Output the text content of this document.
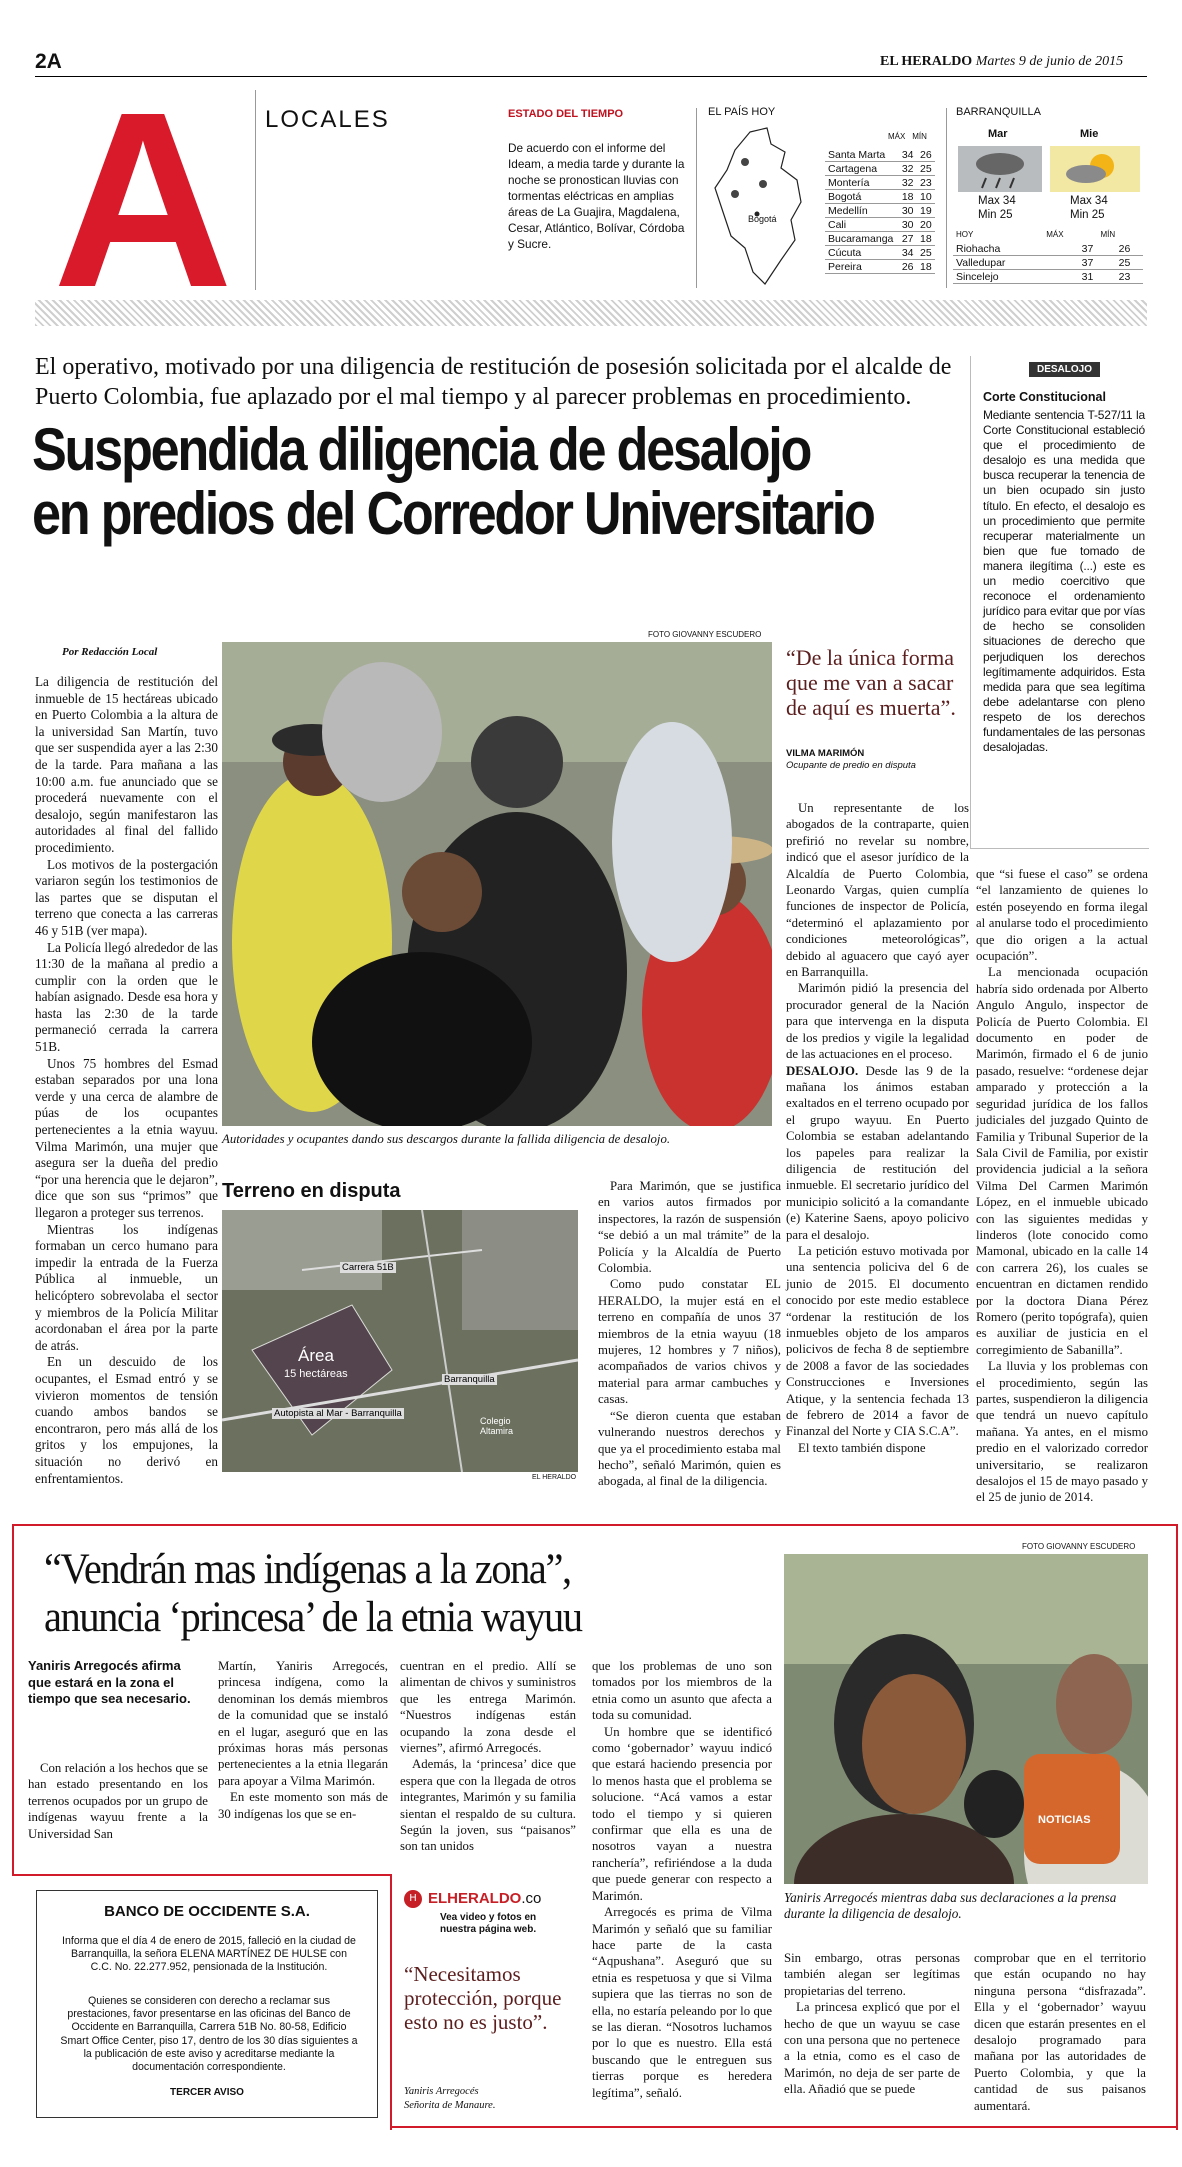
2A	EL HERALDO Martes 9 de junio de 2015
A	LOCALES	ESTADO DEL TIEMPO
De acuerdo con el informe del Ideam, a media tarde y durante la noche se pronostican lluvias con tormentas eléctricas en amplias áreas de La Guajira, Magdalena, Cesar, Atlántico, Bolívar, Córdoba y Sucre.
EL PAÍS HOY
Bogotá
MÁX MÍN
Santa Marta	34	26
Cartagena	32	25
Montería	32	23
Bogotá	18	10
Medellín	30	19
Cali	30	20
Bucaramanga	27	18
Cúcuta	34	25
Pereira	26	18
BARRANQUILLA
Mar	Mie
Max 34
Min 25
Max 34
Min 25
HOY	MÁX	MÍN
Riohacha	37	26
Valledupar	37	25
Sincelejo	31	23
El operativo, motivado por una diligencia de restitución de posesión solicitada por el alcalde de Puerto Colombia, fue aplazado por el mal tiempo y al parecer problemas en procedimiento.
Suspendida diligencia de desalojo
en predios del Corredor Universitario
DESALOJO
Corte Constitucional
Mediante sentencia T-527/11 la Corte Constitucional estableció que el procedimiento de desalojo es una medida que busca recuperar la tenencia de un bien ocupado sin justo título. En efecto, el desalojo es un procedimiento que permite recuperar materialmente un bien que fue tomado de manera ilegítima (...) este es un medio coercitivo que reconoce el ordenamiento jurídico para evitar que por vías de hecho se consoliden situaciones de derecho que perjudiquen los derechos legítimamente adquiridos. Esta medida para que sea legítima debe adelantarse con pleno respeto de los derechos fundamentales de las personas desalojadas.
Por Redacción Local

La diligencia de restitución del inmueble de 15 hectáreas ubicado en Puerto Colombia a la altura de la universidad San Martín, tuvo que ser suspendida ayer a las 2:30 de la tarde. Para mañana a las 10:00 a.m. fue anunciado que se procederá nuevamente con el desalojo, según manifestaron las autoridades al final del fallido procedimiento.

Los motivos de la postergación variaron según los testimonios de las partes que se disputan el terreno que conecta a las carreras 46 y 51B (ver mapa).

La Policía llegó alrededor de las 11:30 de la mañana al predio a cumplir con la orden que le habían asignado. Desde esa hora y hasta las 2:30 de la tarde permaneció cerrada la carrera 51B.

Unos 75 hombres del Esmad estaban separados por una lona verde y una cerca de alambre de púas de los ocupantes pertenecientes a la etnia wayuu. Vilma Marimón, una mujer que asegura ser la dueña del predio “por una herencia que le dejaron”, dice que son sus “primos” que llegaron a proteger sus terrenos.

Mientras los indígenas formaban un cerco humano para impedir la entrada de la Fuerza Pública al inmueble, un helicóptero sobrevolaba el sector y miembros de la Policía Militar acordonaban el área por la parte de atrás.

En un descuido de los ocupantes, el Esmad entró y se vivieron momentos de tensión cuando ambos bandos se encontraron, pero más allá de los gritos y los empujones, la situación no derivó en enfrentamientos.

FOTO GIOVANNY ESCUDERO
Autoridades y ocupantes dando sus descargos durante la fallida diligencia de desalojo.
“De la única forma que me van a sacar de aquí es muerta”.
VILMA MARIMÓN
Ocupante de predio en disputa

Un representante de los abogados de la contraparte, quien prefirió no revelar su nombre, indicó que el asesor jurídico de la Alcaldía de Puerto Colombia, Leonardo Vargas, quien cumplía funciones de inspector de Policía, “determinó el aplazamiento por condiciones meteorológicas”, debido al aguacero que cayó ayer en Barranquilla.

Marimón pidió la presencia del procurador general de la Nación para que intervenga en la disputa de los predios y vigile la legalidad de las actuaciones en el proceso.

DESALOJO. Desde las 9 de la mañana los ánimos estaban exaltados en el terreno ocupado por el grupo wayuu. En Puerto Colombia se estaban adelantando los papeles para realizar la diligencia de restitución del inmueble. El secretario jurídico del municipio solicitó a la comandante (e) Katerine Saens, apoyo policivo para el desalojo.

La petición estuvo motivada por una sentencia policiva del 6 de junio de 2015. El documento conocido por este medio establece “ordenar la restitución de los inmuebles objeto de los amparos policivos de fecha 8 de septiembre de 2008 a favor de las sociedades Construcciones e Inversiones Atique, y la sentencia fechada 13 de febrero de 2014 a favor de Finanzal del Norte y CIA S.C.A”.

El texto también dispone

que “si fuese el caso” se ordena “el lanzamiento de quienes lo estén poseyendo en forma ilegal al anularse todo el procedimiento que dio origen a la actual ocupación”.

La mencionada ocupación habría sido ordenada por Alberto Angulo Angulo, inspector de Policía de Puerto Colombia. El documento en poder de Marimón, firmado el 6 de junio pasado, resuelve: “ordenese dejar amparado y protección a la seguridad jurídica de los fallos judiciales del juzgado Quinto de Familia y Tribunal Superior de la Sala Civil de Familia, por existir providencia judicial a la señora Vilma Del Carmen Marimón López, en el inmueble ubicado con las siguientes medidas y linderos (lote conocido como Mamonal, ubicado en la calle 14 con carrera 26), los cuales se encuentran en dictamen rendido por la doctora Diana Pérez Romero (perito topógrafa), quien es auxiliar de justicia en el corregimiento de Sabanilla”.

La lluvia y los problemas con el procedimiento, según las partes, suspendieron la diligencia que tendrá un nuevo capítulo mañana. Ya antes, en el mismo predio en el valorizado corredor universitario, se realizaron desalojos el 15 de mayo pasado y el 25 de junio de 2014.

Terreno en disputa
Área
15 hectáreas
Carrera 51B
Autopista al Mar - Barranquilla
Barranquilla
Colegio Altamira
EL HERALDO

Para Marimón, que se justifica en varios autos firmados por inspectores, la razón de suspensión “se debió a un mal trámite” de la Policía y la Alcaldía de Puerto Colombia.

Como pudo constatar EL HERALDO, la mujer está en el terreno en compañía de unos 37 miembros de la etnia wayuu (18 mujeres, 12 hombres y 7 niños), acompañados de varios chivos y material para armar cambuches y casas.

“Se dieron cuenta que estaban vulnerando nuestros derechos y que ya el procedimiento estaba mal hecho”, señaló Marimón, quien es abogada, al final de la diligencia.

“Vendrán mas indígenas a la zona”,
anuncia ‘princesa’ de la etnia wayuu
FOTO GIOVANNY ESCUDERO
NOTICIAS
Yaniris Arregocés mientras daba sus declaraciones a la prensa durante la diligencia de desalojo.
Yaniris Arregocés afirma que estará en la zona el tiempo que sea necesario.

Con relación a los hechos que se han estado presentando en los terrenos ocupados por un grupo de indígenas wayuu frente a la Universidad San

Martín, Yaniris Arregocés, princesa indígena, como la denominan los demás miembros de la comunidad que se instaló en el lugar, aseguró que en las próximas horas más personas pertenecientes a la etnia llegarán para apoyar a Vilma Marimón.

En este momento son más de 30 indígenas los que se en-

cuentran en el predio. Allí se alimentan de chivos y suministros que les entrega Marimón. “Nuestros indígenas están ocupando la zona desde el viernes”, afirmó Arregocés.

Además, la ‘princesa’ dice que espera que con la llegada de otros integrantes, Marimón y su familia sientan el respaldo de su cultura. Según la joven, sus “paisanos” son tan unidos

que los problemas de uno son tomados por los miembros de la etnia como un asunto que afecta a toda su comunidad.

Un hombre que se identificó como ‘gobernador’ wayuu indicó que estará haciendo presencia por lo menos hasta que el problema se solucione. “Acá vamos a estar todo el tiempo y si quieren confirmar que ella es una de nosotros vayan a nuestra ranchería”, refiriéndose a la duda que puede generar con respecto a Marimón.

Arregocés es prima de Vilma Marimón y señaló que su familiar hace parte de la casta “Aqpushana”. Aseguró que su etnia es respetuosa y que si Vilma supiera que las tierras no son de ella, no estaría peleando por lo que se las dieran. “Nosotros luchamos por lo que es nuestro. Ella está buscando que le entreguen sus tierras porque es heredera legítima”, señaló.

Sin embargo, otras personas también alegan ser legítimas propietarias del terreno.

La princesa explicó que por el hecho de que un wayuu se case con una persona que no pertenece a la etnia, como es el caso de Marimón, no deja de ser parte de ella. Añadió que se puede

comprobar que en el territorio que están ocupando no hay ninguna persona “disfrazada”. Ella y el ‘gobernador’ wayuu dicen que estarán presentes en el desalojo programado para mañana por las autoridades de Puerto Colombia, y que la cantidad de sus paisanos aumentará.

H ELHERALDO.co
Vea video y fotos en nuestra página web.
“Necesitamos protección, porque esto no es justo”.
Yaniris Arregocés
Señorita de Manaure.
BANCO DE OCCIDENTE S.A.
Informa que el día 4 de enero de 2015, falleció en la ciudad de Barranquilla, la señora ELENA MARTÍNEZ DE HULSE con C.C. No. 22.277.952, pensionada de la Institución.
Quienes se consideren con derecho a reclamar sus prestaciones, favor presentarse en las oficinas del Banco de Occidente en Barranquilla, Carrera 51B No. 80-58, Edificio Smart Office Center, piso 17, dentro de los 30 días siguientes a la publicación de este aviso y acreditarse mediante la documentación correspondiente.
TERCER AVISO
